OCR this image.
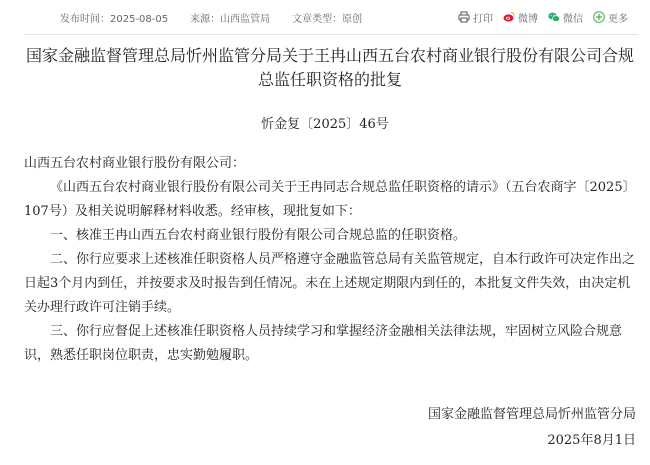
发布时间：2025-08-05 来源：山西监管局 文章类型：原创	打印	微博	微信	更多
国家金融监督管理总局忻州监管分局关于王冉山西五台农村商业银行股份有限公司合规总监任职资格的批复
忻金复〔2025〕46号

山西五台农村商业银行股份有限公司：

《山西五台农村商业银行股份有限公司关于王冉同志合规总监任职资格的请示》（五台农商字〔2025〕107号）及相关说明解释材料收悉。经审核，现批复如下：

一、核准王冉山西五台农村商业银行股份有限公司合规总监的任职资格。

二、你行应要求上述核准任职资格人员严格遵守金融监管总局有关监管规定，自本行政许可决定作出之日起3个月内到任，并按要求及时报告到任情况。未在上述规定期限内到任的，本批复文件失效，由决定机关办理行政许可注销手续。

三、你行应督促上述核准任职资格人员持续学习和掌握经济金融相关法律法规，牢固树立风险合规意识，熟悉任职岗位职责，忠实勤勉履职。

国家金融监督管理总局忻州监管分局
2025年8月1日
